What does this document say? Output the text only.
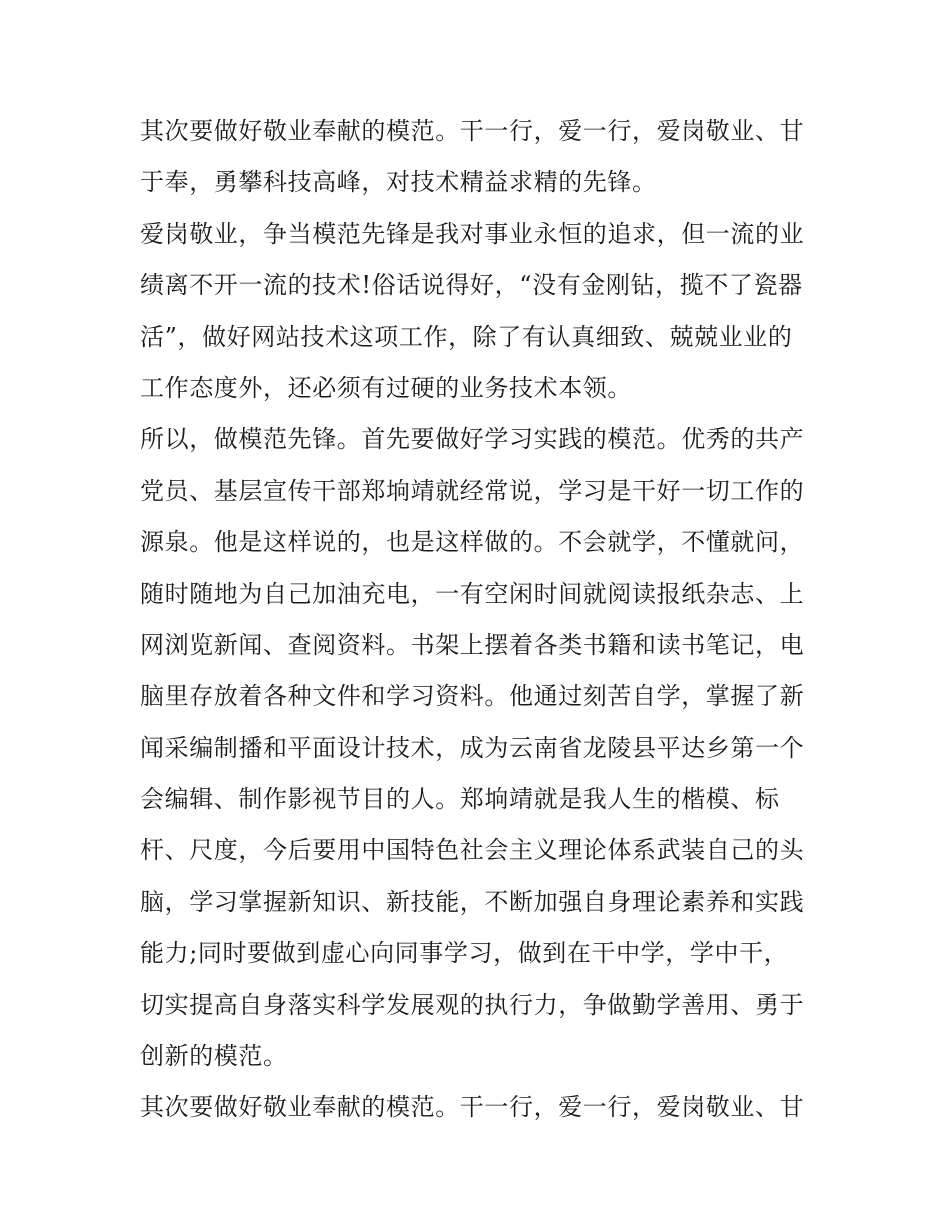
其次要做好敬业奉献的模范。干一行，爱一行，爱岗敬业、甘
于奉，勇攀科技高峰，对技术精益求精的先锋。
爱岗敬业，争当模范先锋是我对事业永恒的追求，但一流的业
绩离不开一流的技术!俗话说得好，“没有金刚钻，揽不了瓷器
活”，做好网站技术这项工作，除了有认真细致、兢兢业业的
工作态度外，还必须有过硬的业务技术本领。
所以，做模范先锋。首先要做好学习实践的模范。优秀的共产
党员、基层宣传干部郑垧靖就经常说，学习是干好一切工作的
源泉。他是这样说的，也是这样做的。不会就学，不懂就问，
随时随地为自己加油充电，一有空闲时间就阅读报纸杂志、上
网浏览新闻、查阅资料。书架上摆着各类书籍和读书笔记，电
脑里存放着各种文件和学习资料。他通过刻苦自学，掌握了新
闻采编制播和平面设计技术，成为云南省龙陵县平达乡第一个
会编辑、制作影视节目的人。郑垧靖就是我人生的楷模、标
杆、尺度，今后要用中国特色社会主义理论体系武装自己的头
脑，学习掌握新知识、新技能，不断加强自身理论素养和实践
能力;同时要做到虚心向同事学习，做到在干中学，学中干，
切实提高自身落实科学发展观的执行力，争做勤学善用、勇于
创新的模范。
其次要做好敬业奉献的模范。干一行，爱一行，爱岗敬业、甘
